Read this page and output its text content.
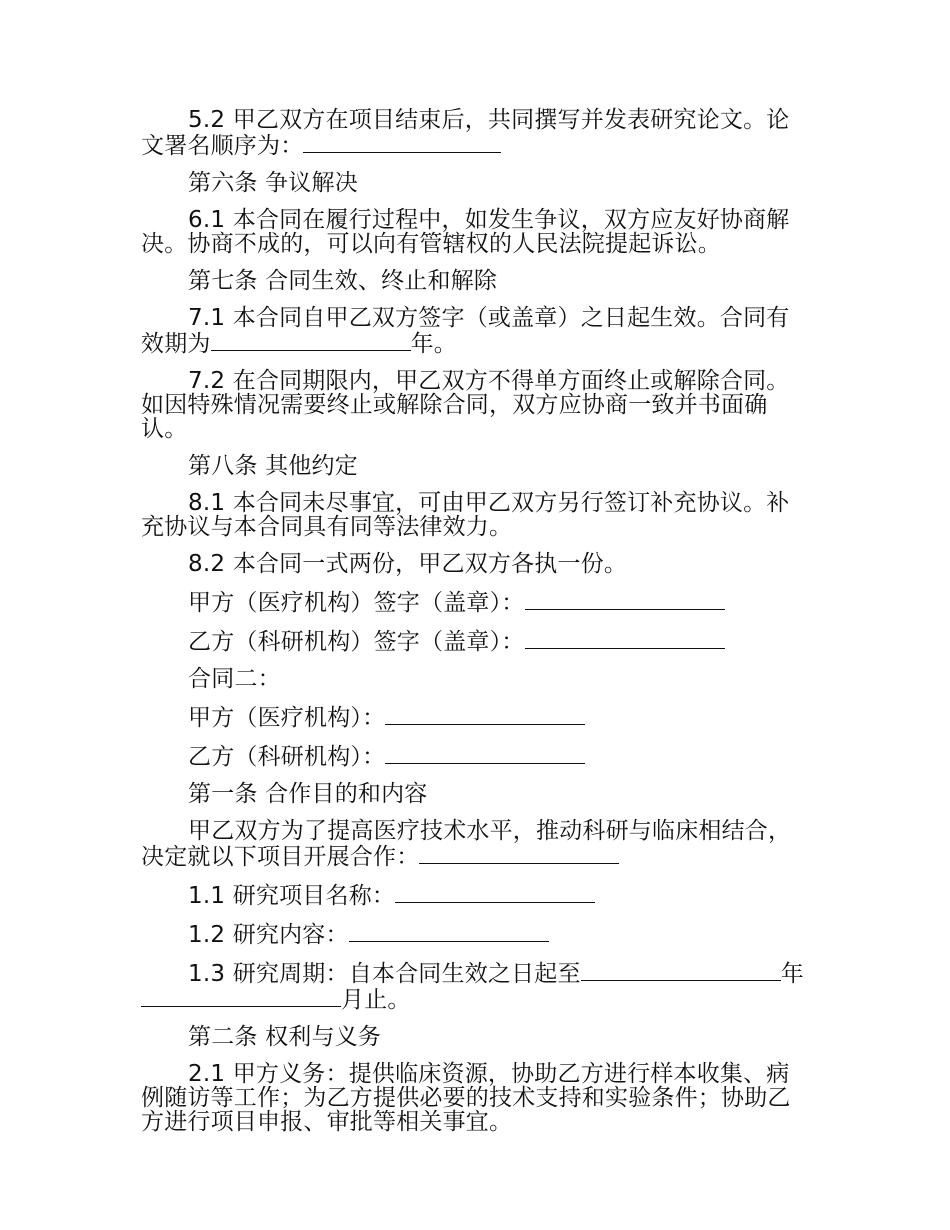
5.2 甲乙双方在项目结束后，共同撰写并发表研究论文。论文署名顺序为：

第六条 争议解决

6.1 本合同在履行过程中，如发生争议，双方应友好协商解决。协商不成的，可以向有管辖权的人民法院提起诉讼。

第七条 合同生效、终止和解除

7.1 本合同自甲乙双方签字（或盖章）之日起生效。合同有效期为	年。

7.2 在合同期限内，甲乙双方不得单方面终止或解除合同。如因特殊情况需要终止或解除合同，双方应协商一致并书面确认。

第八条 其他约定

8.1 本合同未尽事宜，可由甲乙双方另行签订补充协议。补充协议与本合同具有同等法律效力。

8.2 本合同一式两份，甲乙双方各执一份。

甲方（医疗机构）签字（盖章）：

乙方（科研机构）签字（盖章）：

合同二：

甲方（医疗机构）：

乙方（科研机构）：

第一条 合作目的和内容

甲乙双方为了提高医疗技术水平，推动科研与临床相结合，决定就以下项目开展合作：

1.1 研究项目名称：

1.2 研究内容：

1.3 研究周期：自本合同生效之日起至	年月止。

第二条 权利与义务

2.1 甲方义务：提供临床资源，协助乙方进行样本收集、病例随访等工作；为乙方提供必要的技术支持和实验条件；协助乙方进行项目申报、审批等相关事宜。
